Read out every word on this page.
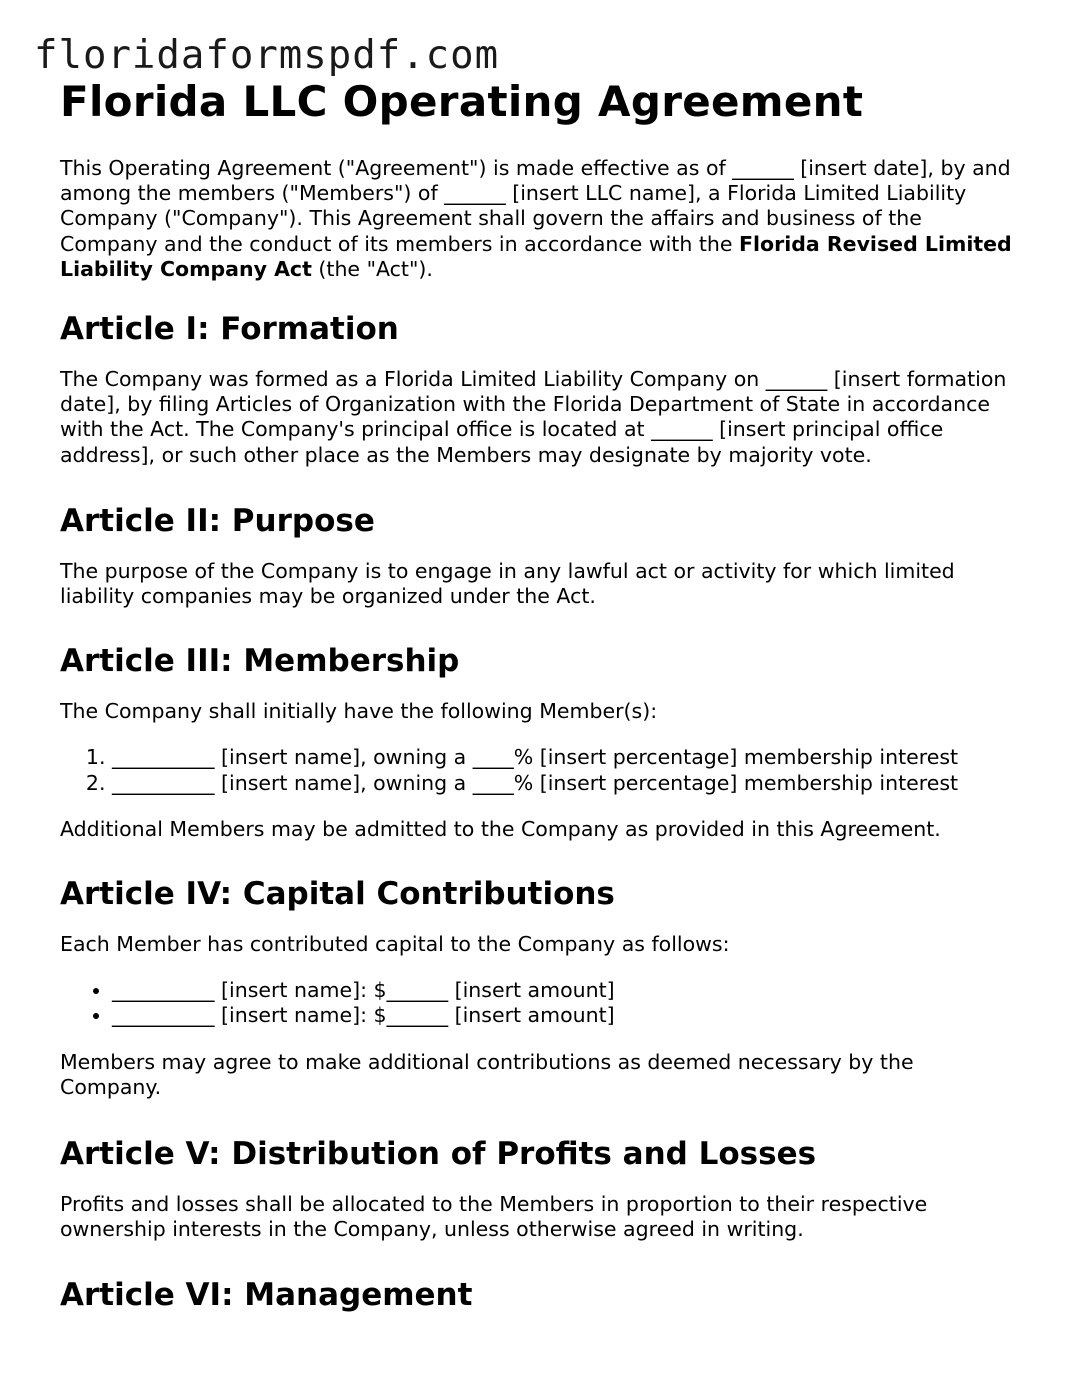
floridaformspdf.com
Florida LLC Operating Agreement

This Operating Agreement ("Agreement") is made effective as of ______ [insert date], by and among the members ("Members") of ______ [insert LLC name], a Florida Limited Liability Company ("Company"). This Agreement shall govern the affairs and business of the Company and the conduct of its members in accordance with the Florida Revised Limited Liability Company Act (the "Act").

Article I: Formation

The Company was formed as a Florida Limited Liability Company on ______ [insert formation date], by filing Articles of Organization with the Florida Department of State in accordance with the Act. The Company's principal office is located at ______ [insert principal office address], or such other place as the Members may designate by majority vote.

Article II: Purpose

The purpose of the Company is to engage in any lawful act or activity for which limited liability companies may be organized under the Act.

Article III: Membership

The Company shall initially have the following Member(s):

1. __________ [insert name], owning a ____% [insert percentage] membership interest
2. __________ [insert name], owning a ____% [insert percentage] membership interest

Additional Members may be admitted to the Company as provided in this Agreement.

Article IV: Capital Contributions

Each Member has contributed capital to the Company as follows:

• __________ [insert name]: $______ [insert amount]
• __________ [insert name]: $______ [insert amount]

Members may agree to make additional contributions as deemed necessary by the Company.

Article V: Distribution of Profits and Losses

Profits and losses shall be allocated to the Members in proportion to their respective ownership interests in the Company, unless otherwise agreed in writing.

Article VI: Management
